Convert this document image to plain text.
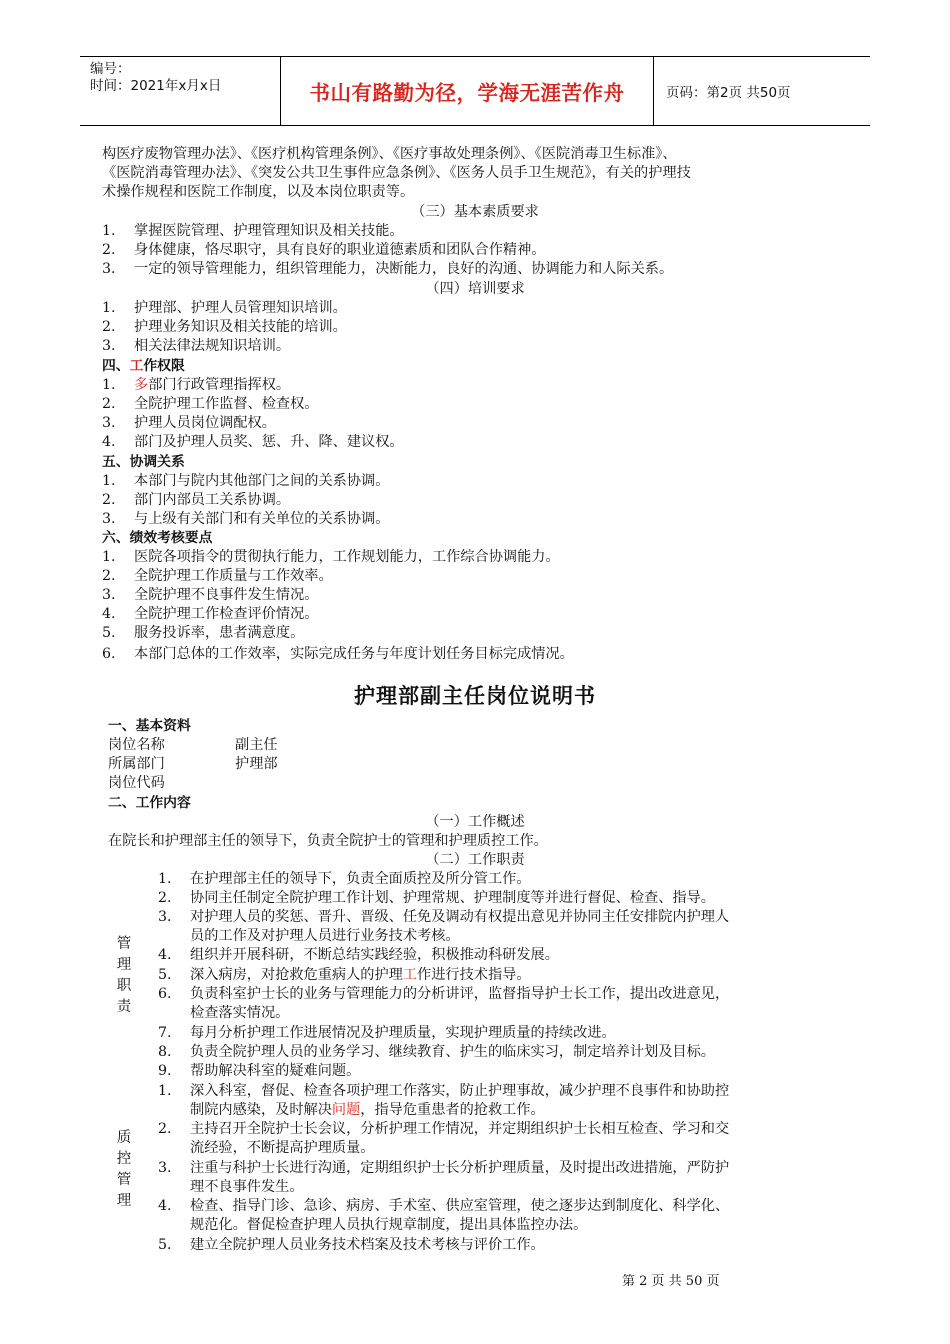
编号：
时间：2021年x月x日	书山有路勤为径，学海无涯苦作舟	页码：第2页 共50页
构医疗废物管理办法》、《医疗机构管理条例》、《医疗事故处理条例》、《医院消毒卫生标准》、
《医院消毒管理办法》、《突发公共卫生事件应急条例》、《医务人员手卫生规范》，有关的护理技
术操作规程和医院工作制度，以及本岗位职责等。
（三）基本素质要求
1. 掌握医院管理、护理管理知识及相关技能。
2. 身体健康，恪尽职守，具有良好的职业道德素质和团队合作精神。
3. 一定的领导管理能力，组织管理能力，决断能力，良好的沟通、协调能力和人际关系。
（四）培训要求
1. 护理部、护理人员管理知识培训。
2. 护理业务知识及相关技能的培训。
3. 相关法律法规知识培训。
四、工作权限
1. 多部门行政管理指挥权。
2. 全院护理工作监督、检查权。
3. 护理人员岗位调配权。
4. 部门及护理人员奖、惩、升、降、建议权。
五、协调关系
1. 本部门与院内其他部门之间的关系协调。
2. 部门内部员工关系协调。
3. 与上级有关部门和有关单位的关系协调。
六、绩效考核要点
1. 医院各项指令的贯彻执行能力，工作规划能力，工作综合协调能力。
2. 全院护理工作质量与工作效率。
3. 全院护理不良事件发生情况。
4. 全院护理工作检查评价情况。
5. 服务投诉率，患者满意度。
6. 本部门总体的工作效率，实际完成任务与年度计划任务目标完成情况。
护理部副主任岗位说明书
一、基本资料
岗位名称	副主任
所属部门	护理部
岗位代码
二、工作内容
（一）工作概述
在院长和护理部主任的领导下，负责全院护士的管理和护理质控工作。
（二）工作职责
管
理
职
责
1. 在护理部主任的领导下，负责全面质控及所分管工作。
2. 协同主任制定全院护理工作计划、护理常规、护理制度等并进行督促、检查、指导。
3. 对护理人员的奖惩、晋升、晋级、任免及调动有权提出意见并协同主任安排院内护理人
员的工作及对护理人员进行业务技术考核。
4. 组织并开展科研，不断总结实践经验，积极推动科研发展。
5. 深入病房，对抢救危重病人的护理工作进行技术指导。
6. 负责科室护士长的业务与管理能力的分析讲评，监督指导护士长工作，提出改进意见，
检查落实情况。
7. 每月分析护理工作进展情况及护理质量，实现护理质量的持续改进。
8. 负责全院护理人员的业务学习、继续教育、护生的临床实习，制定培养计划及目标。
9. 帮助解决科室的疑难问题。
质
控
管
理
1. 深入科室，督促、检查各项护理工作落实，防止护理事故，减少护理不良事件和协助控
制院内感染，及时解决问题，指导危重患者的抢救工作。
2. 主持召开全院护士长会议，分析护理工作情况，并定期组织护士长相互检查、学习和交
流经验，不断提高护理质量。
3. 注重与科护士长进行沟通，定期组织护士长分析护理质量，及时提出改进措施，严防护
理不良事件发生。
4. 检查、指导门诊、急诊、病房、手术室、供应室管理，使之逐步达到制度化、科学化、
规范化。督促检查护理人员执行规章制度，提出具体监控办法。
5. 建立全院护理人员业务技术档案及技术考核与评价工作。
第 2 页 共 50 页
